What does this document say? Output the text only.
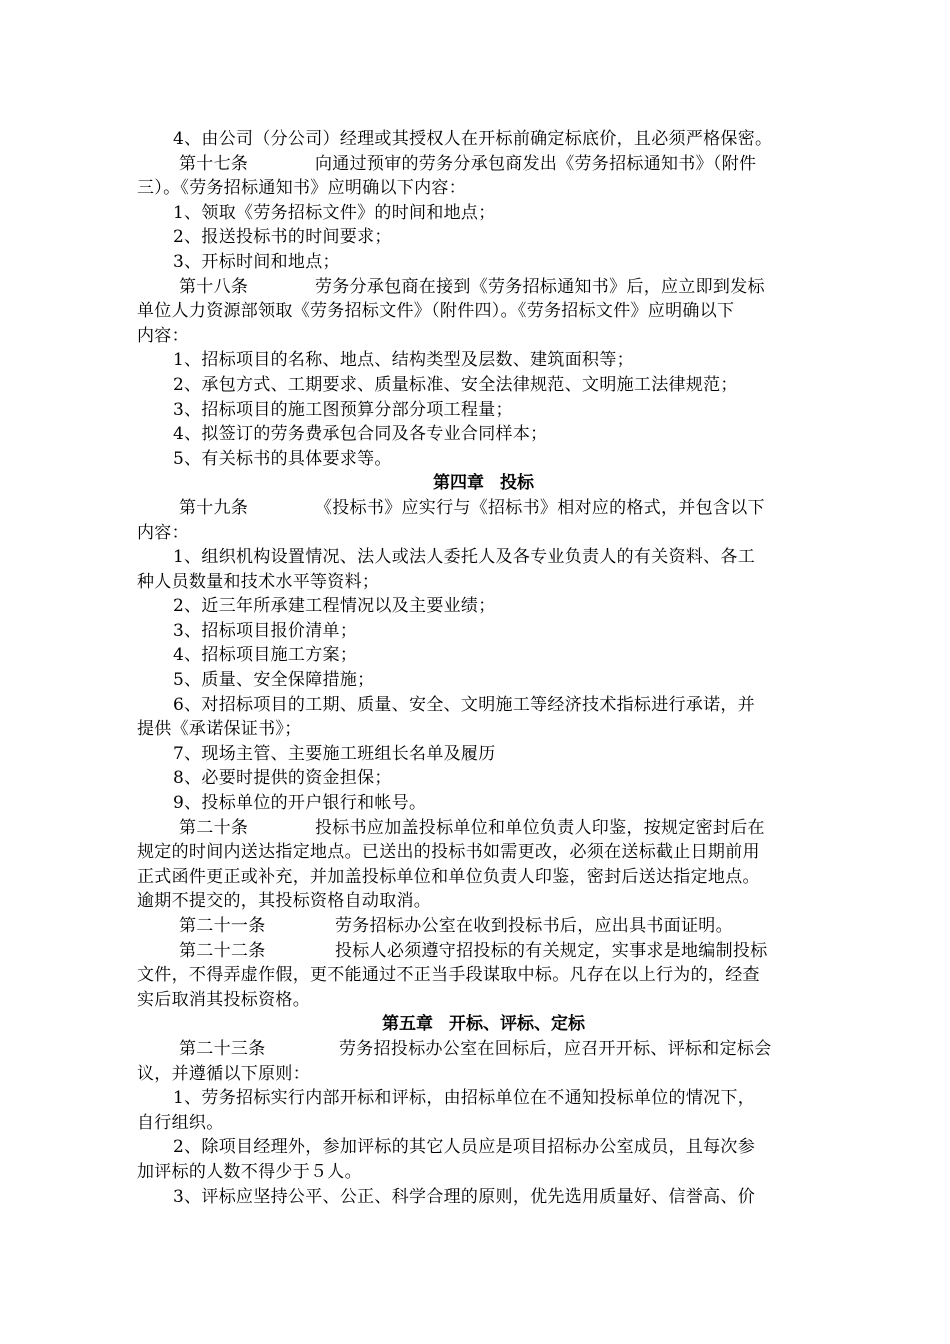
4、由公司（分公司）经理或其授权人在开标前确定标底价，且必须严格保密。
第十七条	向通过预审的劳务分承包商发出《劳务招标通知书》（附件
三）。《劳务招标通知书》应明确以下内容：
1、领取《劳务招标文件》的时间和地点；
2、报送投标书的时间要求；
3、开标时间和地点；
第十八条	劳务分承包商在接到《劳务招标通知书》后，应立即到发标
单位人力资源部领取《劳务招标文件》（附件四）。《劳务招标文件》应明确以下
内容：
1、招标项目的名称、地点、结构类型及层数、建筑面积等；
2、承包方式、工期要求、质量标准、安全法律规范、文明施工法律规范；
3、招标项目的施工图预算分部分项工程量；
4、拟签订的劳务费承包合同及各专业合同样本；
5、有关标书的具体要求等。
第四章 投标
第十九条	《投标书》应实行与《招标书》相对应的格式，并包含以下
内容：
1、组织机构设置情况、法人或法人委托人及各专业负责人的有关资料、各工
种人员数量和技术水平等资料；
2、近三年所承建工程情况以及主要业绩；
3、招标项目报价清单；
4、招标项目施工方案；
5、质量、安全保障措施；
6、对招标项目的工期、质量、安全、文明施工等经济技术指标进行承诺，并
提供《承诺保证书》；
7、现场主管、主要施工班组长名单及履历
8、必要时提供的资金担保；
9、投标单位的开户银行和帐号。
第二十条	投标书应加盖投标单位和单位负责人印鉴，按规定密封后在
规定的时间内送达指定地点。已送出的投标书如需更改，必须在送标截止日期前用
正式函件更正或补充，并加盖投标单位和单位负责人印鉴，密封后送达指定地点。
逾期不提交的，其投标资格自动取消。
第二十一条	劳务招标办公室在收到投标书后，应出具书面证明。
第二十二条	投标人必须遵守招投标的有关规定，实事求是地编制投标
文件，不得弄虚作假，更不能通过不正当手段谋取中标。凡存在以上行为的，经查
实后取消其投标资格。
第五章 开标、评标、定标
第二十三条	劳务招投标办公室在回标后，应召开开标、评标和定标会
议，并遵循以下原则：
1、劳务招标实行内部开标和评标，由招标单位在不通知投标单位的情况下，
自行组织。
2、除项目经理外，参加评标的其它人员应是项目招标办公室成员，且每次参
加评标的人数不得少于５人。
3、评标应坚持公平、公正、科学合理的原则，优先选用质量好、信誉高、价
